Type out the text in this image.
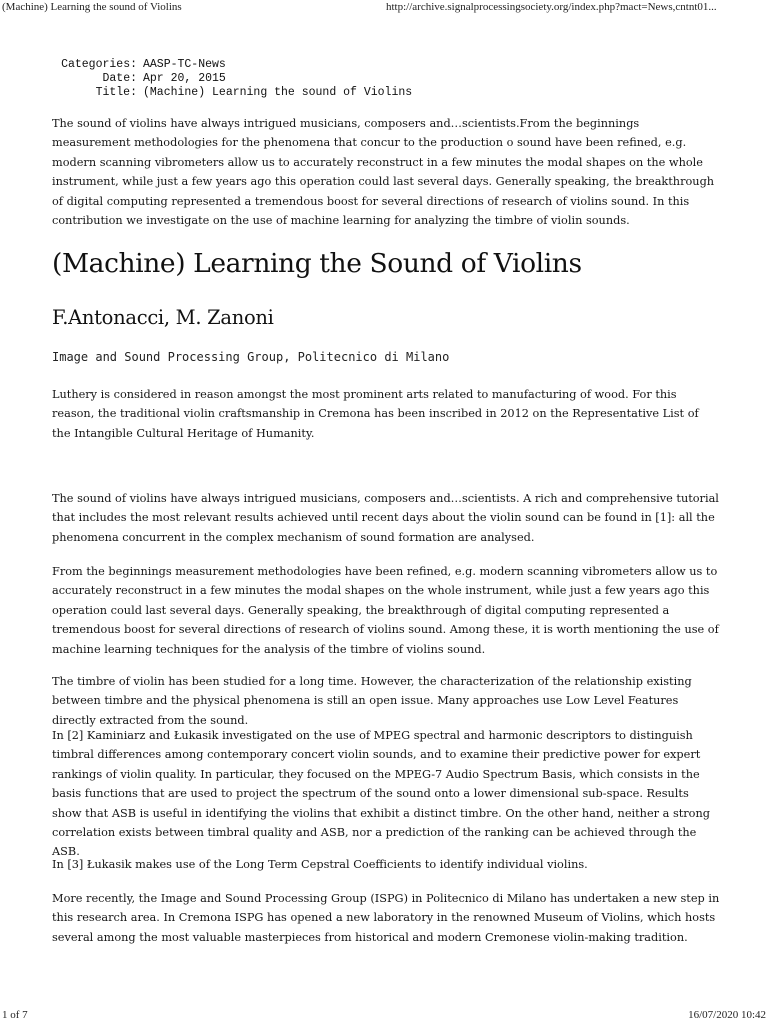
(Machine) Learning the sound of Violins	http://archive.signalprocessingsociety.org/index.php?mact=News,cntnt01...
Categories: AASP-TC-News
Date: Apr 20, 2015
Title: (Machine) Learning the sound of Violins

The sound of violins have always intrigued musicians, composers and…scientists.From the beginnings measurement methodologies for the phenomena that concur to the production o sound have been refined, e.g. modern scanning vibrometers allow us to accurately reconstruct in a few minutes the modal shapes on the whole instrument, while just a few years ago this operation could last several days. Generally speaking, the breakthrough of digital computing represented a tremendous boost for several directions of research of violins sound. In this contribution we investigate on the use of machine learning for analyzing the timbre of violin sounds.

(Machine) Learning the Sound of Violins
F.Antonacci, M. Zanoni
Image and Sound Processing Group, Politecnico di Milano

Luthery is considered in reason amongst the most prominent arts related to manufacturing of wood. For this reason, the traditional violin craftsmanship in Cremona has been inscribed in 2012 on the Representative List of the Intangible Cultural Heritage of Humanity.

The sound of violins have always intrigued musicians, composers and…scientists. A rich and comprehensive tutorial that includes the most relevant results achieved until recent days about the violin sound can be found in [1]: all the phenomena concurrent in the complex mechanism of sound formation are analysed.

From the beginnings measurement methodologies have been refined, e.g. modern scanning vibrometers allow us to accurately reconstruct in a few minutes the modal shapes on the whole instrument, while just a few years ago this operation could last several days. Generally speaking, the breakthrough of digital computing represented a tremendous boost for several directions of research of violins sound. Among these, it is worth mentioning the use of machine learning techniques for the analysis of the timbre of violins sound.

The timbre of violin has been studied for a long time. However, the characterization of the relationship existing between timbre and the physical phenomena is still an open issue. Many approaches use Low Level Features directly extracted from the sound.

In [2] Kaminiarz and Łukasik investigated on the use of MPEG spectral and harmonic descriptors to distinguish timbral differences among contemporary concert violin sounds, and to examine their predictive power for expert rankings of violin quality. In particular, they focused on the MPEG-7 Audio Spectrum Basis, which consists in the basis functions that are used to project the spectrum of the sound onto a lower dimensional sub-space. Results show that ASB is useful in identifying the violins that exhibit a distinct timbre. On the other hand, neither a strong correlation exists between timbral quality and ASB, nor a prediction of the ranking can be achieved through the ASB.

In [3] Łukasik makes use of the Long Term Cepstral Coefficients to identify individual violins.

More recently, the Image and Sound Processing Group (ISPG) in Politecnico di Milano has undertaken a new step in this research area. In Cremona ISPG has opened a new laboratory in the renowned Museum of Violins, which hosts several among the most valuable masterpieces from historical and modern Cremonese violin-making tradition.

1 of 7	16/07/2020 10:42
